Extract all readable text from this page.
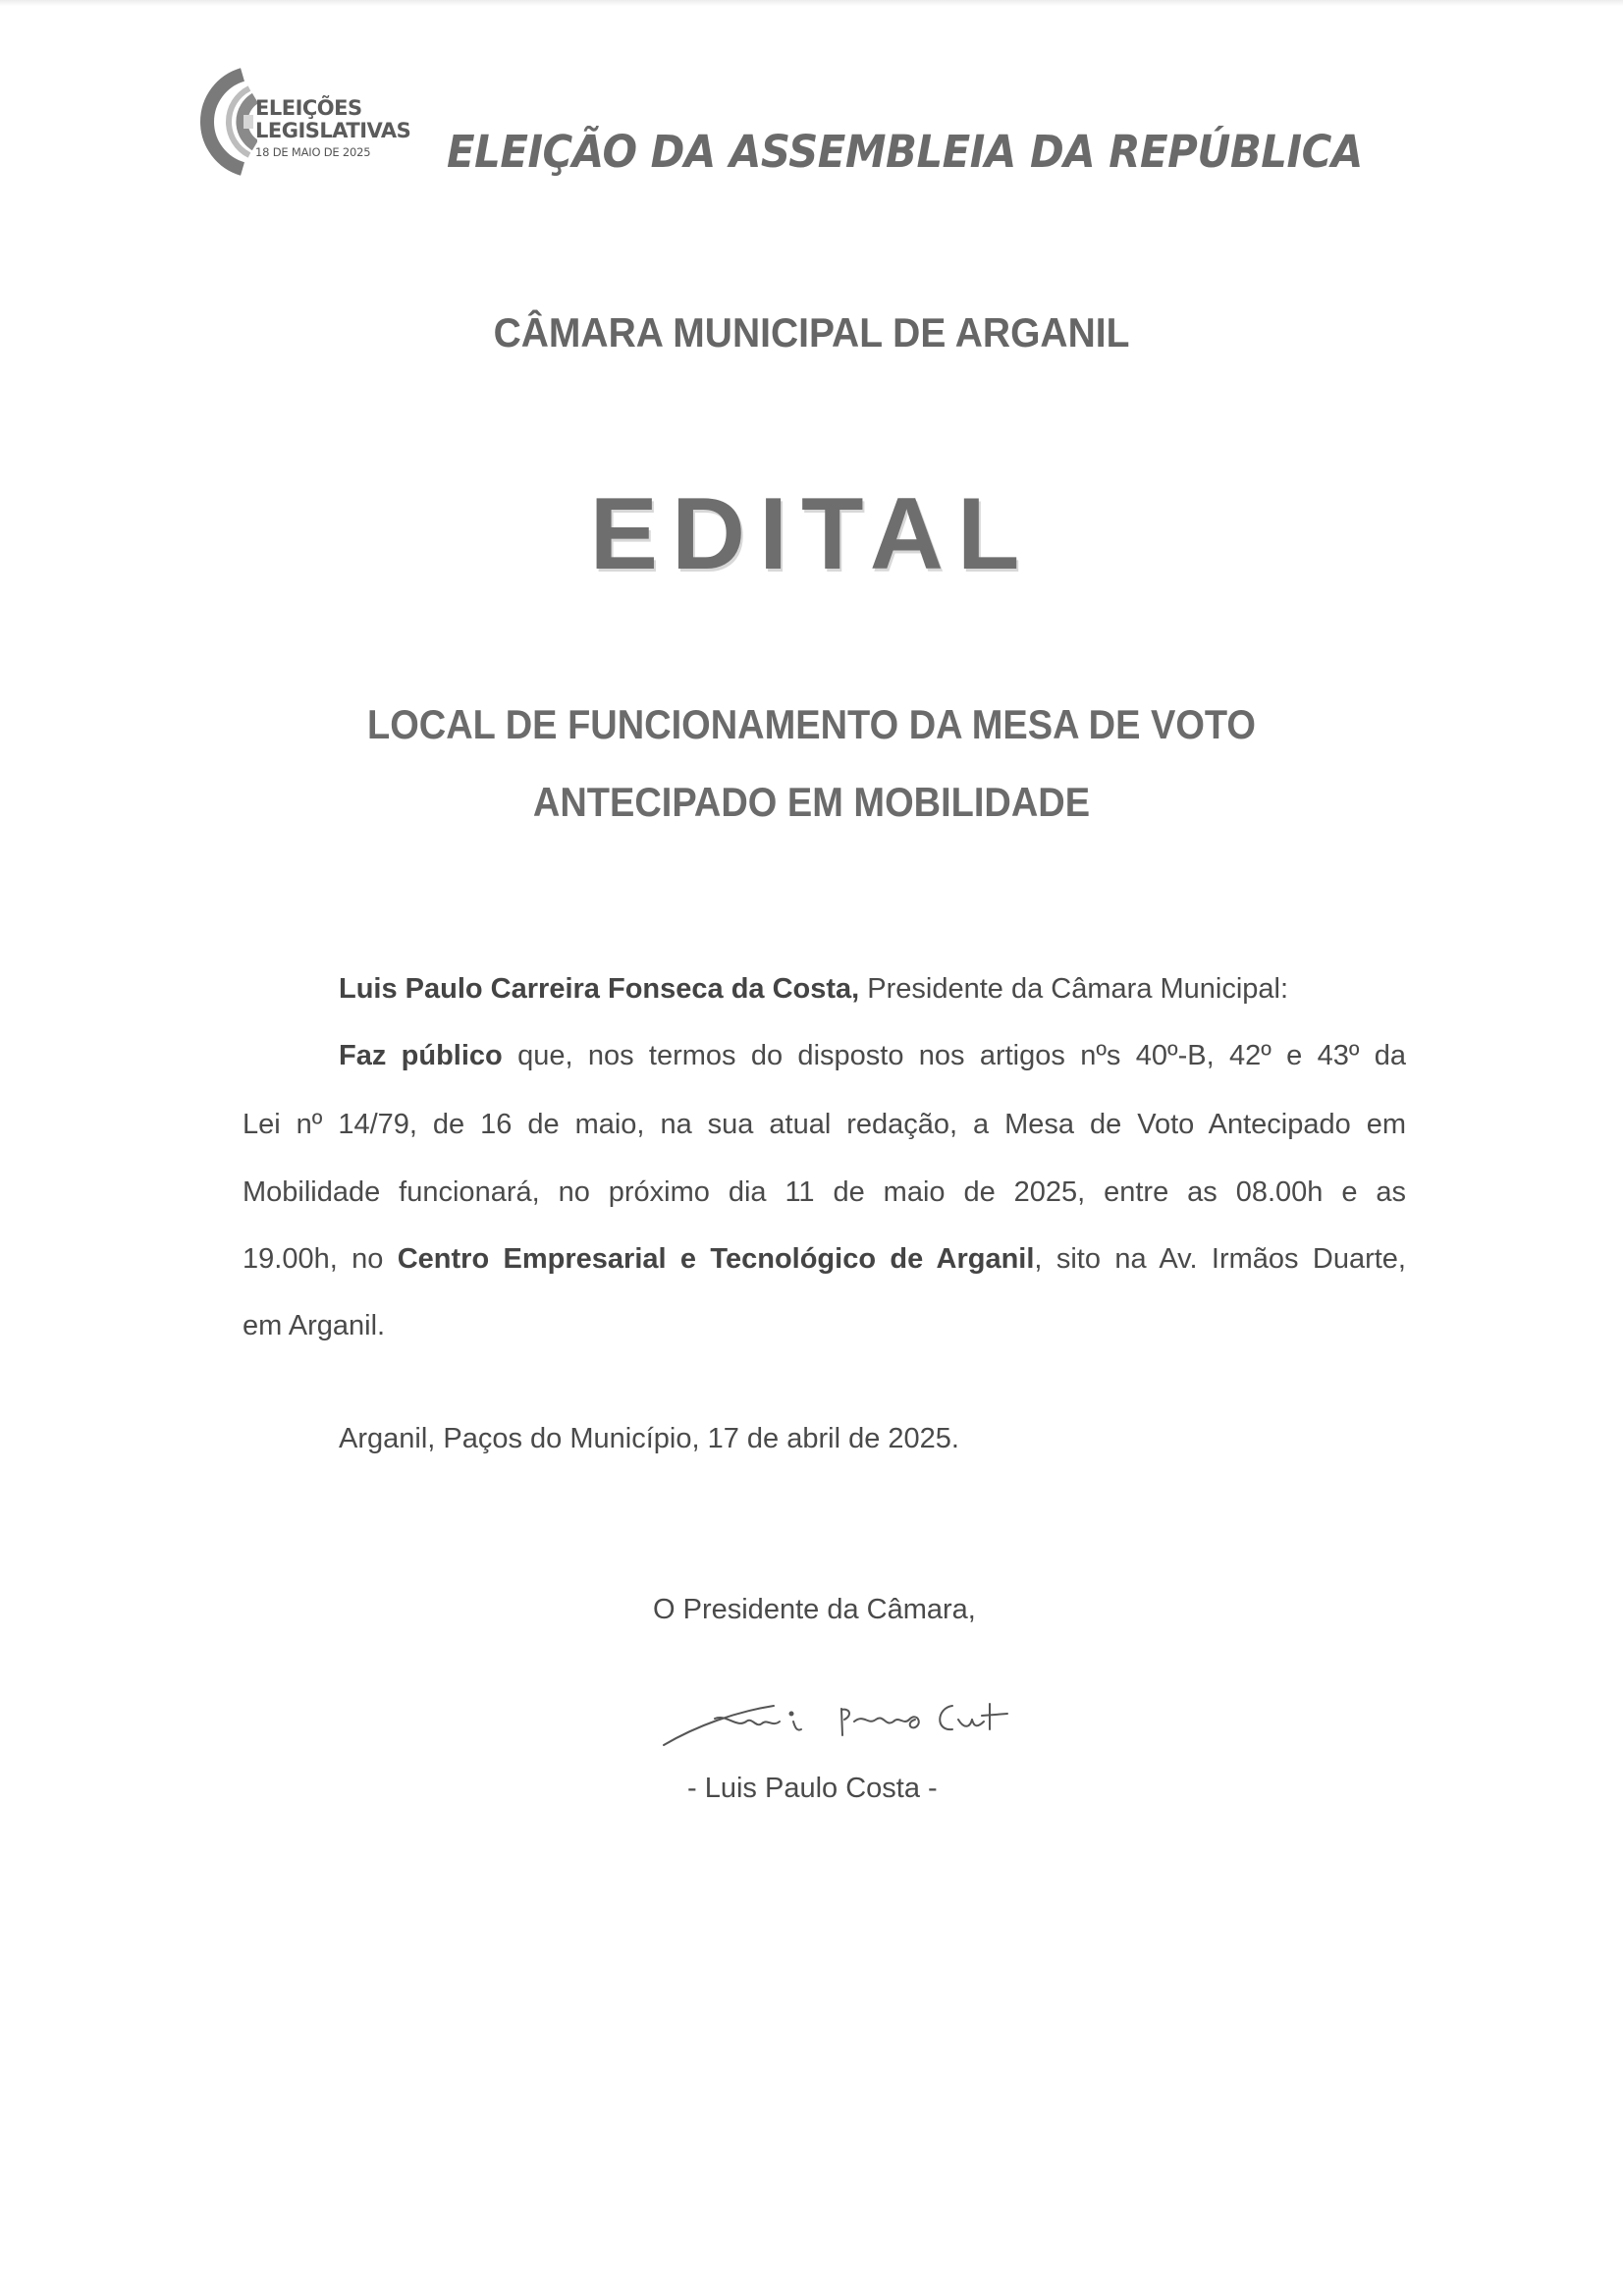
ELEIÇÕES
LEGISLATIVAS
18 DE MAIO DE 2025 ELEIÇÃO DA ASSEMBLEIA DA REPÚBLICA
CÂMARA MUNICIPAL DE ARGANIL
EDITAL
LOCAL DE FUNCIONAMENTO DA MESA DE VOTO
ANTECIPADO EM MOBILIDADE
Luis Paulo Carreira Fonseca da Costa, Presidente da Câmara Municipal:
Faz público que, nos termos do disposto nos artigos nºs 40º-B, 42º e 43º da
Lei nº 14/79, de 16 de maio, na sua atual redação, a Mesa de Voto Antecipado em
Mobilidade funcionará, no próximo dia 11 de maio de 2025, entre as 08.00h e as
19.00h, no Centro Empresarial e Tecnológico de Arganil, sito na Av. Irmãos Duarte,
em Arganil.
Arganil, Paços do Município, 17 de abril de 2025.
O Presidente da Câmara,
- Luis Paulo Costa -
